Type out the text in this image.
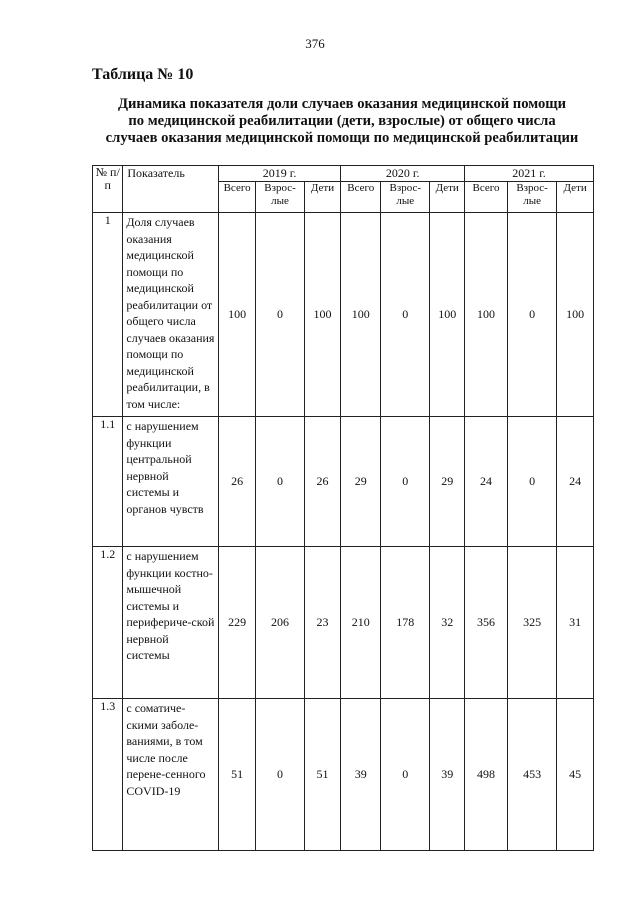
376
Таблица № 10
Динамика показателя доли случаев оказания медицинской помощи
по медицинской реабилитации (дети, взрослые) от общего числа
случаев оказания медицинской помощи по медицинской реабилитации
№ п/п	Показатель	2019 г.			2020 г.			2021 г.		
		Всего	Взрос-лые	Дети	Всего	Взрос-лые	Дети	Всего	Взрос-лые	Дети
1	Доля случаев оказания медицинской помощи по медицинской реабилитации от общего числа случаев оказания помощи по медицинской реабилитации, в том числе:	100	0	100	100	0	100	100	0	100
1.1	с нарушением функции центральной нервной системы и органов чувств	26	0	26	29	0	29	24	0	24
1.2	с нарушением функции костно-мышечной системы и перифериче-ской нервной системы	229	206	23	210	178	32	356	325	31
1.3	с соматиче-скими заболе-ваниями, в том числе после перене-сенного COVID-19	51	0	51	39	0	39	498	453	45
